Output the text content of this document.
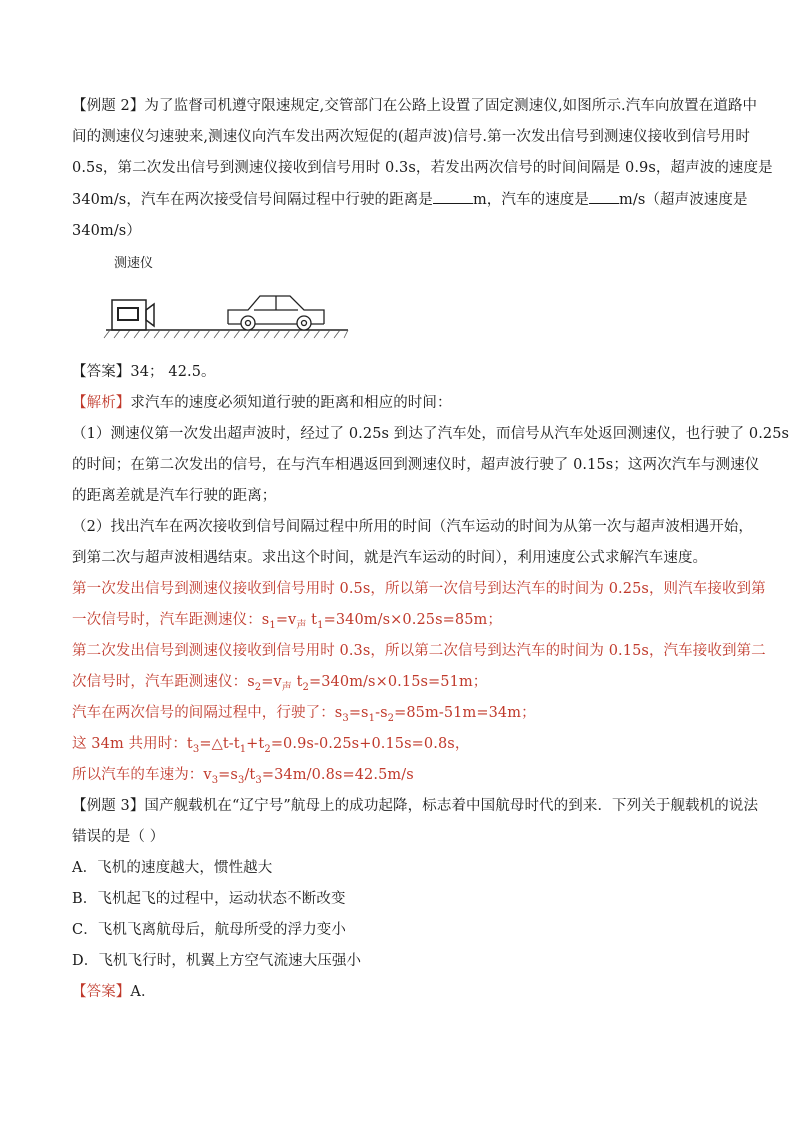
【例题 2】为了监督司机遵守限速规定,交管部门在公路上设置了固定测速仪,如图所示.汽车向放置在道路中
间的测速仪匀速驶来,测速仪向汽车发出两次短促的(超声波)信号.第一次发出信号到测速仪接收到信号用时
0.5s，第二次发出信号到测速仪接收到信号用时 0.3s，若发出两次信号的时间间隔是 0.9s，超声波的速度是
340m/s，汽车在两次接受信号间隔过程中行驶的距离是	m，汽车的速度是 m/s（超声波速度是
340m/s）
测速仪
【答案】34； 42.5。
【解析】求汽车的速度必须知道行驶的距离和相应的时间：
（1）测速仪第一次发出超声波时，经过了 0.25s 到达了汽车处，而信号从汽车处返回测速仪，也行驶了 0.25s
的时间；在第二次发出的信号，在与汽车相遇返回到测速仪时，超声波行驶了 0.15s；这两次汽车与测速仪
的距离差就是汽车行驶的距离；
（2）找出汽车在两次接收到信号间隔过程中所用的时间（汽车运动的时间为从第一次与超声波相遇开始，
到第二次与超声波相遇结束。求出这个时间，就是汽车运动的时间），利用速度公式求解汽车速度。
第一次发出信号到测速仪接收到信号用时 0.5s，所以第一次信号到达汽车的时间为 0.25s，则汽车接收到第
一次信号时，汽车距测速仪：$s_1=v_声$ $t_1=340m/s\times 0.25s=85m$；
第二次发出信号到测速仪接收到信号用时 0.3s，所以第二次信号到达汽车的时间为 0.15s，汽车接收到第二
次信号时，汽车距测速仪：$s_2=v_声$ $t_2=340m/s\times 0.15s=51m$；
汽车在两次信号的间隔过程中，行驶了：$s_3=s_1-s_2=85m-51m=34m$；
这 34m 共用时：$t_3=\triangle t-t_1+t_2=0.9s-0.25s+0.15s=0.8s$，
所以汽车的车速为：$v_3=s_3/t_3=34m/0.8s=42.5m/s$
【例题 3】国产舰载机在“辽宁号”航母上的成功起降，标志着中国航母时代的到来．下列关于舰载机的说法
错误的是（ ）
A．飞机的速度越大，惯性越大
B．飞机起飞的过程中，运动状态不断改变
C．飞机飞离航母后，航母所受的浮力变小
D．飞机飞行时，机翼上方空气流速大压强小
【答案】A．
